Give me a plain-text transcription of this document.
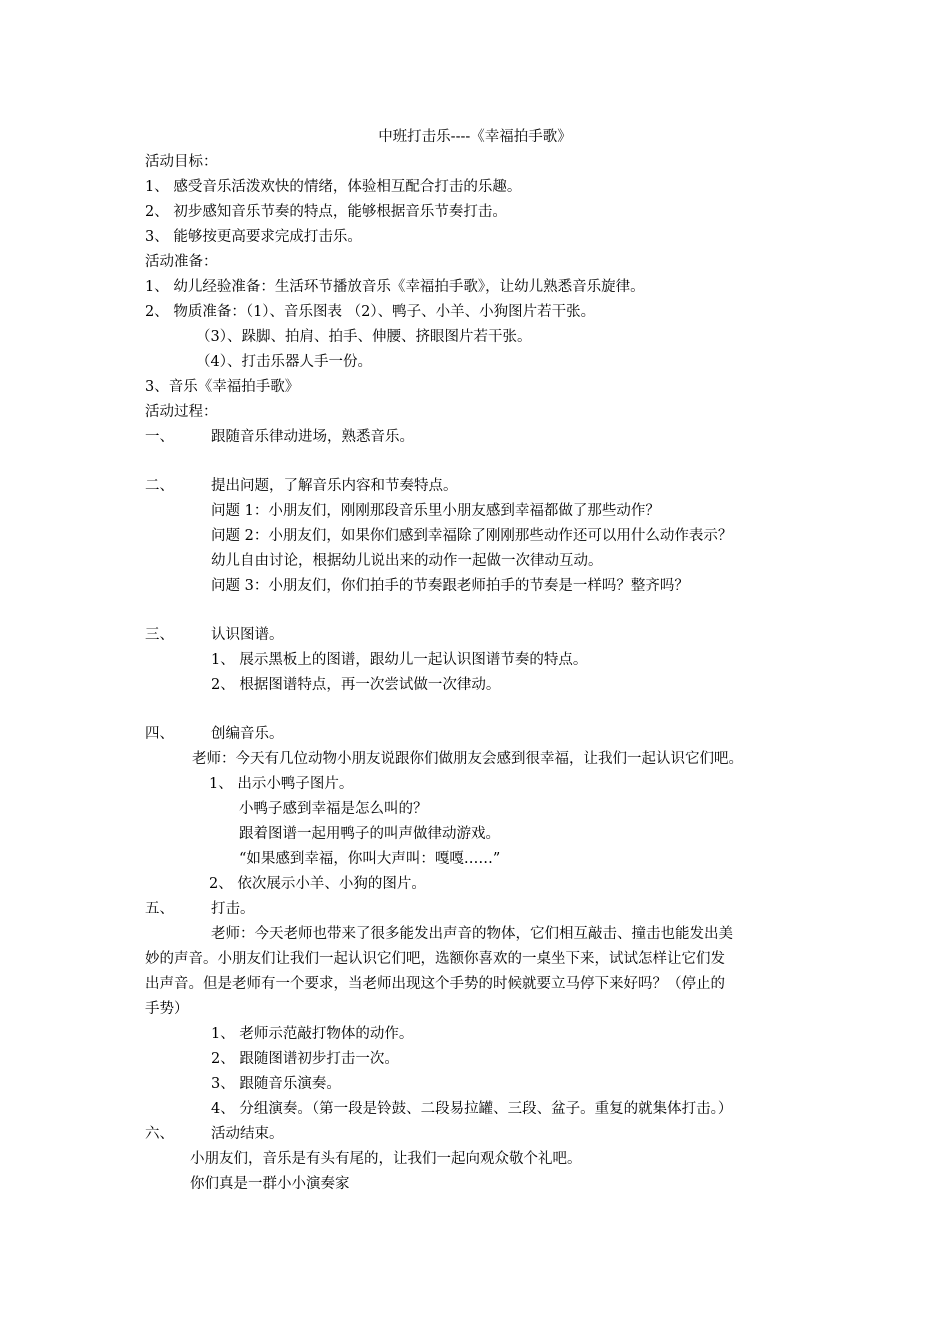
中班打击乐----《幸福拍手歌》
活动目标：
1、 感受音乐活泼欢快的情绪，体验相互配合打击的乐趣。
2、 初步感知音乐节奏的特点，能够根据音乐节奏打击。
3、 能够按更高要求完成打击乐。
活动准备：
1、 幼儿经验准备：生活环节播放音乐《幸福拍手歌》，让幼儿熟悉音乐旋律。
2、 物质准备：（1）、音乐图表 （2）、鸭子、小羊、小狗图片若干张。
（3）、跺脚、拍肩、拍手、伸腰、挤眼图片若干张。
（4）、打击乐器人手一份。
3、音乐《幸福拍手歌》
活动过程：
一、	跟随音乐律动进场，熟悉音乐。
二、	提出问题，了解音乐内容和节奏特点。
问题 1：小朋友们，刚刚那段音乐里小朋友感到幸福都做了那些动作？
问题 2：小朋友们，如果你们感到幸福除了刚刚那些动作还可以用什么动作表示？
幼儿自由讨论，根据幼儿说出来的动作一起做一次律动互动。
问题 3：小朋友们，你们拍手的节奏跟老师拍手的节奏是一样吗？整齐吗？
三、	认识图谱。
1、 展示黑板上的图谱，跟幼儿一起认识图谱节奏的特点。
2、 根据图谱特点，再一次尝试做一次律动。
四、	创编音乐。
老师：今天有几位动物小朋友说跟你们做朋友会感到很幸福，让我们一起认识它们吧。
1、 出示小鸭子图片。
小鸭子感到幸福是怎么叫的？
跟着图谱一起用鸭子的叫声做律动游戏。
“如果感到幸福，你叫大声叫：嘎嘎……”
2、 依次展示小羊、小狗的图片。
五、	打击。
老师：今天老师也带来了很多能发出声音的物体，它们相互敲击、撞击也能发出美
妙的声音。小朋友们让我们一起认识它们吧，选额你喜欢的一桌坐下来，试试怎样让它们发
出声音。但是老师有一个要求，当老师出现这个手势的时候就要立马停下来好吗？（停止的
手势）
1、 老师示范敲打物体的动作。
2、 跟随图谱初步打击一次。
3、 跟随音乐演奏。
4、 分组演奏。（第一段是铃鼓、二段易拉罐、三段、盆子。重复的就集体打击。）
六、	活动结束。
小朋友们，音乐是有头有尾的，让我们一起向观众敬个礼吧。
你们真是一群小小演奏家
